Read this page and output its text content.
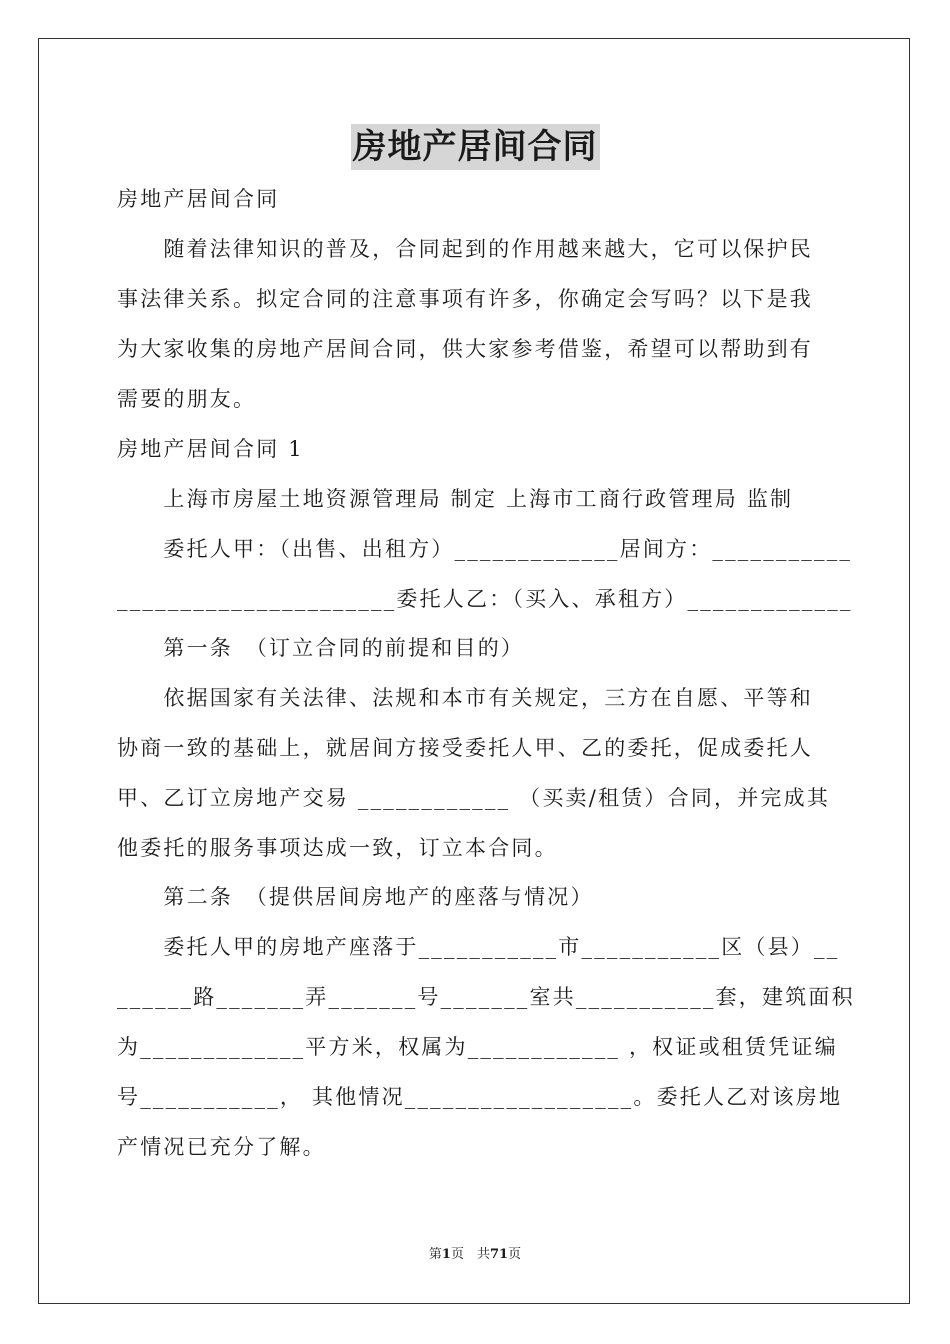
房地产居间合同
房地产居间合同
　　随着法律知识的普及，合同起到的作用越来越大，它可以保护民
事法律关系。拟定合同的注意事项有许多，你确定会写吗？以下是我
为大家收集的房地产居间合同，供大家参考借鉴，希望可以帮助到有
需要的朋友。
房地产居间合同 1
　　上海市房屋土地资源管理局 制定 上海市工商行政管理局 监制
　　委托人甲：（出售、出租方）_____________居间方：___________
______________________委托人乙：（买入、承租方）_____________
　　第一条　（订立合同的前提和目的）
　　依据国家有关法律、法规和本市有关规定，三方在自愿、平等和
协商一致的基础上，就居间方接受委托人甲、乙的委托，促成委托人
甲、乙订立房地产交易 ____________ （买卖/租赁）合同，并完成其
他委托的服务事项达成一致，订立本合同。
　　第二条　（提供居间房地产的座落与情况）
　　委托人甲的房地产座落于___________市___________区（县）__
______路_______弄_______号_______室共___________套，建筑面积
为_____________平方米，权属为____________ ，权证或租赁凭证编
号___________， 其他情况__________________。委托人乙对该房地
产情况已充分了解。
第1页　共71页
